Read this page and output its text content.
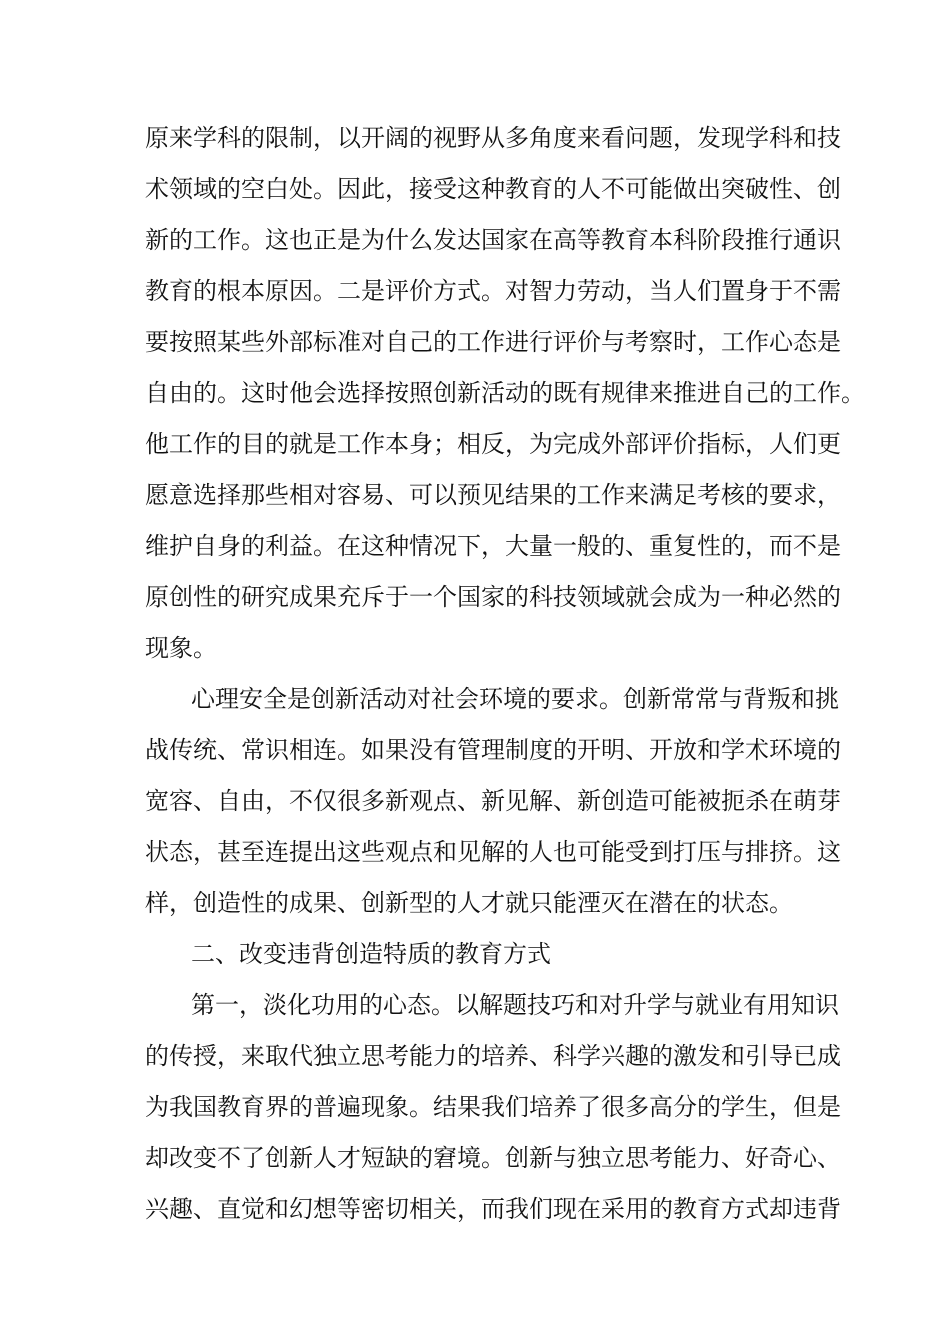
原来学科的限制，以开阔的视野从多角度来看问题，发现学科和技
术领域的空白处。因此，接受这种教育的人不可能做出突破性、创
新的工作。这也正是为什么发达国家在高等教育本科阶段推行通识
教育的根本原因。二是评价方式。对智力劳动，当人们置身于不需
要按照某些外部标准对自己的工作进行评价与考察时，工作心态是
自由的。这时他会选择按照创新活动的既有规律来推进自己的工作。
他工作的目的就是工作本身；相反，为完成外部评价指标，人们更
愿意选择那些相对容易、可以预见结果的工作来满足考核的要求，
维护自身的利益。在这种情况下，大量一般的、重复性的，而不是
原创性的研究成果充斥于一个国家的科技领域就会成为一种必然的
现象。
心理安全是创新活动对社会环境的要求。创新常常与背叛和挑
战传统、常识相连。如果没有管理制度的开明、开放和学术环境的
宽容、自由，不仅很多新观点、新见解、新创造可能被扼杀在萌芽
状态，甚至连提出这些观点和见解的人也可能受到打压与排挤。这
样，创造性的成果、创新型的人才就只能湮灭在潜在的状态。
二、改变违背创造特质的教育方式
第一，淡化功用的心态。以解题技巧和对升学与就业有用知识
的传授，来取代独立思考能力的培养、科学兴趣的激发和引导已成
为我国教育界的普遍现象。结果我们培养了很多高分的学生，但是
却改变不了创新人才短缺的窘境。创新与独立思考能力、好奇心、
兴趣、直觉和幻想等密切相关，而我们现在采用的教育方式却违背
